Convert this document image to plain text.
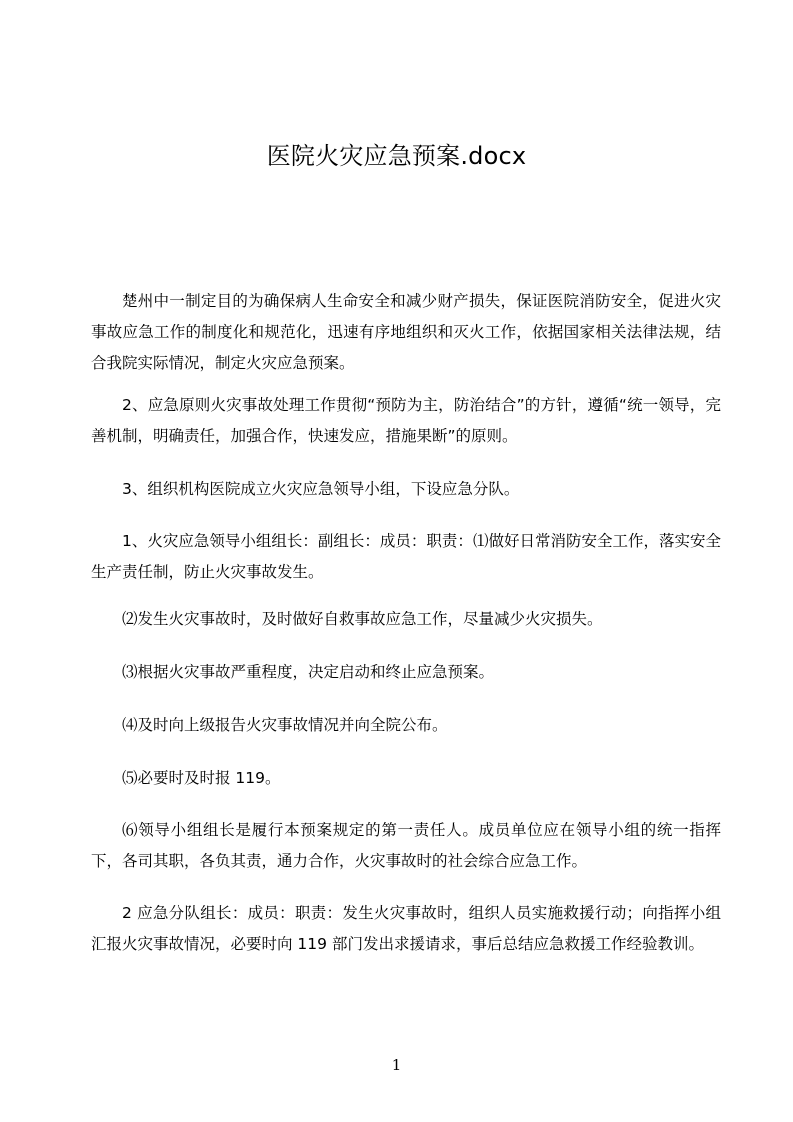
医院火灾应急预案.docx

楚州中一制定目的为确保病人生命安全和减少财产损失，保证医院消防安全，促进火灾事故应急工作的制度化和规范化，迅速有序地组织和灭火工作，依据国家相关法律法规，结合我院实际情况，制定火灾应急预案。

2、应急原则火灾事故处理工作贯彻“预防为主，防治结合”的方针，遵循“统一领导，完善机制，明确责任，加强合作，快速发应，措施果断”的原则。

3、组织机构医院成立火灾应急领导小组，下设应急分队。

1、火灾应急领导小组组长：副组长：成员：职责：⑴做好日常消防安全工作，落实安全生产责任制，防止火灾事故发生。

⑵发生火灾事故时，及时做好自救事故应急工作，尽量减少火灾损失。

⑶根据火灾事故严重程度，决定启动和终止应急预案。

⑷及时向上级报告火灾事故情况并向全院公布。

⑸必要时及时报 119。

⑹领导小组组长是履行本预案规定的第一责任人。成员单位应在领导小组的统一指挥下，各司其职，各负其责，通力合作，火灾事故时的社会综合应急工作。

2 应急分队组长：成员：职责：发生火灾事故时，组织人员实施救援行动；向指挥小组汇报火灾事故情况，必要时向 119 部门发出求援请求，事后总结应急救援工作经验教训。

1
